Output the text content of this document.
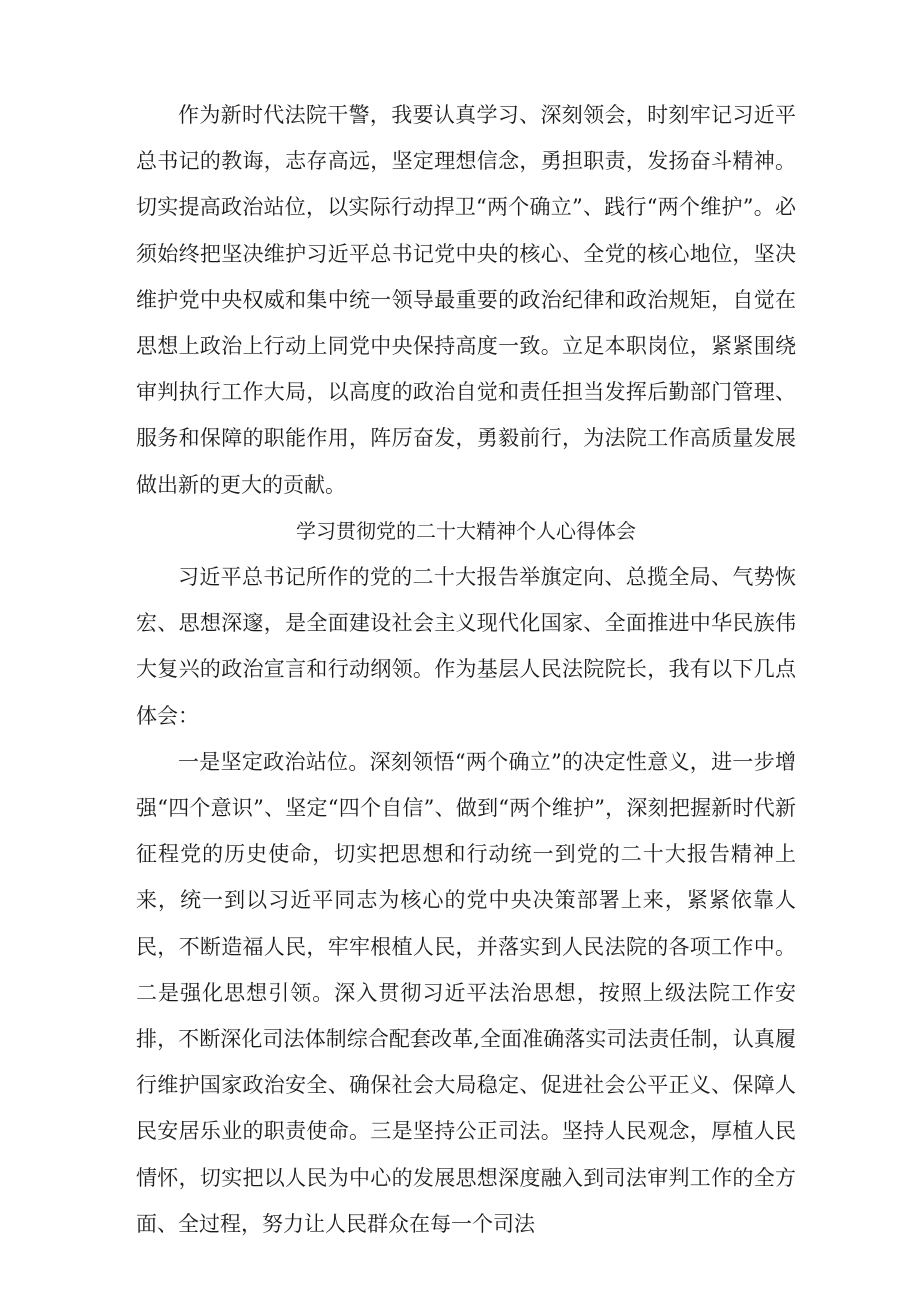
作为新时代法院干警，我要认真学习、深刻领会，时刻牢记习近平总书记的教诲，志存高远，坚定理想信念，勇担职责，发扬奋斗精神。切实提高政治站位，以实际行动捍卫“两个确立”、践行“两个维护”。必须始终把坚决维护习近平总书记党中央的核心、全党的核心地位，坚决维护党中央权威和集中统一领导最重要的政治纪律和政治规矩，自觉在思想上政治上行动上同党中央保持高度一致。立足本职岗位，紧紧围绕审判执行工作大局，以高度的政治自觉和责任担当发挥后勤部门管理、服务和保障的职能作用，阵厉奋发，勇毅前行，为法院工作高质量发展做出新的更大的贡献。

学习贯彻党的二十大精神个人心得体会

习近平总书记所作的党的二十大报告举旗定向、总揽全局、气势恢宏、思想深邃，是全面建设社会主义现代化国家、全面推进中华民族伟大复兴的政治宣言和行动纲领。作为基层人民法院院长，我有以下几点体会：

一是坚定政治站位。深刻领悟“两个确立”的决定性意义，进一步增强“四个意识”、坚定“四个自信”、做到“两个维护”，深刻把握新时代新征程党的历史使命，切实把思想和行动统一到党的二十大报告精神上来，统一到以习近平同志为核心的党中央决策部署上来，紧紧依靠人民，不断造福人民，牢牢根植人民，并落实到人民法院的各项工作中。二是强化思想引领。深入贯彻习近平法治思想，按照上级法院工作安排，不断深化司法体制综合配套改革,全面准确落实司法责任制，认真履行维护国家政治安全、确保社会大局稳定、促进社会公平正义、保障人民安居乐业的职责使命。三是坚持公正司法。坚持人民观念，厚植人民情怀，切实把以人民为中心的发展思想深度融入到司法审判工作的全方面、全过程，努力让人民群众在每一个司法
